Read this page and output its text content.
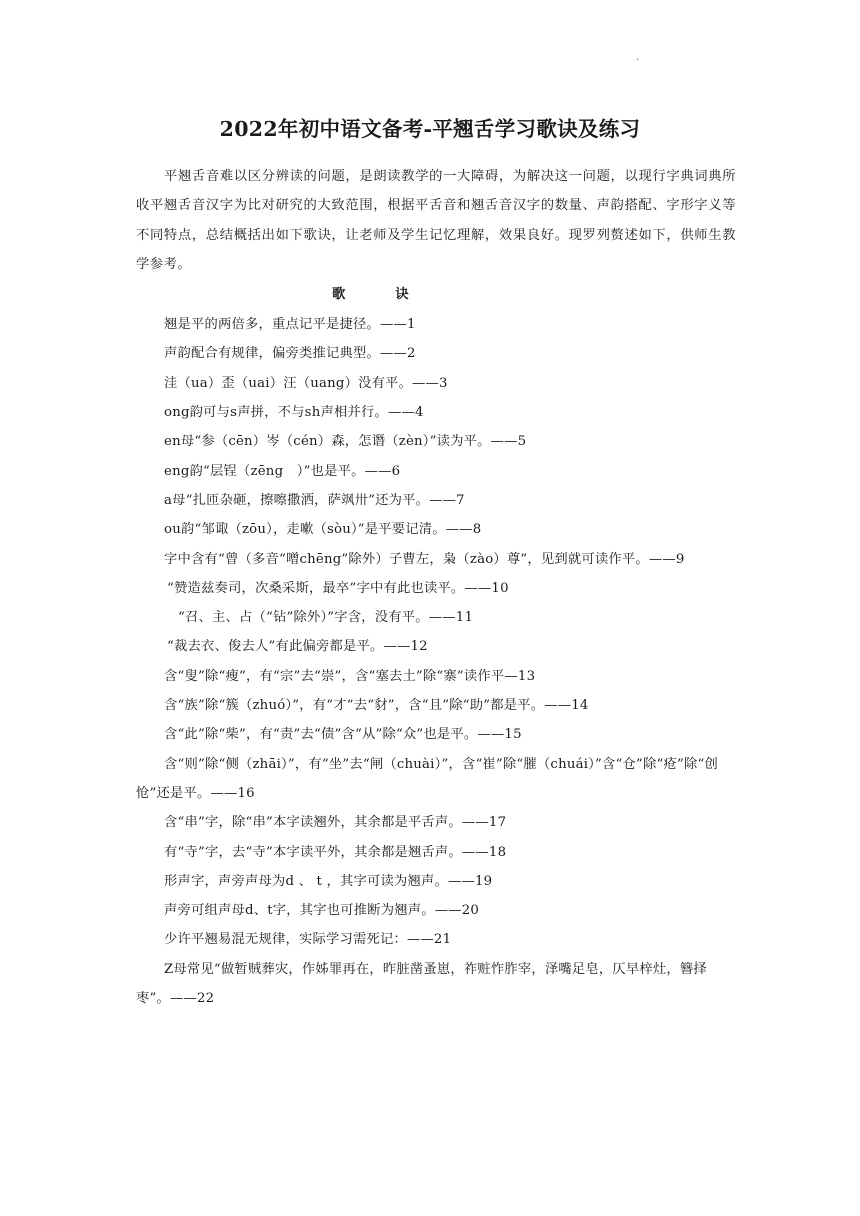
.
2022年初中语文备考-平翘舌学习歌诀及练习

平翘舌音难以区分辨读的问题，是朗读教学的一大障碍，为解决这一问题，以现行字典词典所收平翘舌音汉字为比对研究的大致范围，根据平舌音和翘舌音汉字的数量、声韵搭配、字形字义等不同特点，总结概括出如下歌诀，让老师及学生记忆理解，效果良好。现罗列赘述如下，供师生教学参考。

歌	诀

翘是平的两倍多，重点记平是捷径。——1

声韵配合有规律，偏旁类推记典型。——2

洼（ua）歪（uai）汪（uang）没有平。——3

ong韵可与s声拼，不与sh声相并行。——4

en母“参（cēn）岑（cén）森，怎谮（zèn）”读为平。——5

eng韵“层锃（zēng　）”也是平。——6

a母“扎匝杂砸，擦嚓撒洒，萨飒卅”还为平。——7

ou韵“邹诹（zōu），走嗽（sòu）”是平要记清。——8

字中含有“曾（多音“噌chēng”除外）子曹左，枭（zào）尊”，见到就可读作平。——9

“赞造兹奏司，次桑采斯，最卒”字中有此也读平。——10

“召、主、占（“钻”除外）”字含，没有平。——11

“裁去衣、俊去人”有此偏旁都是平。——12

含“叟”除“瘦”，有“宗”去“崇”，含“塞去土”除“寨”读作平—13

含“族”除“簇（zhuó）”，有“才”去“豺”，含“且”除“助”都是平。——14

含“此”除“柴”，有“责”去“债”含“从”除“众”也是平。——15

含“则”除“侧（zhāi）”，有“坐”去“闸（chuài）”，含“崔”除“膗（chuái）”含“仓”除“疮”除“创怆”还是平。——16

含“串”字，除“串”本字读翘外，其余都是平舌声。——17

有“寺”字，去“寺”本字读平外，其余都是翘舌声。——18

形声字，声旁声母为d 、 t ，其字可读为翘声。——19

声旁可组声母d、t字，其字也可推断为翘声。——20

少许平翘易混无规律，实际学习需死记：——21

Z母常见“做暂贼葬灾，作姊罪再在，昨脏凿蚤崽，祚赃怍胙宰，泽嘴足皂，仄早梓灶，簪择枣”。——22
